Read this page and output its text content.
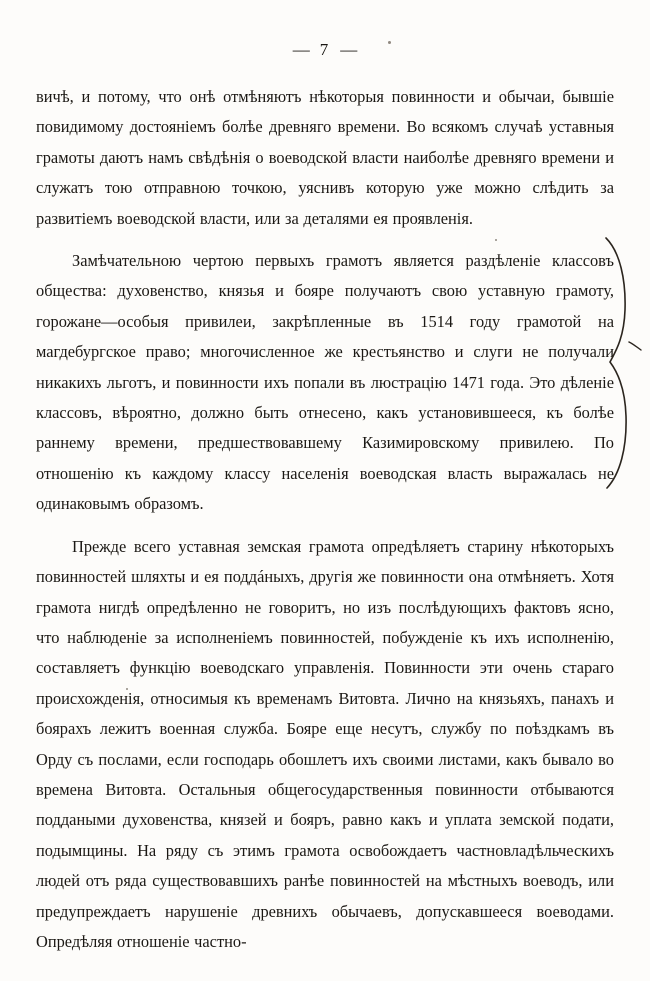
— 7 —

вичѣ, и потому, что онѣ отмѣняютъ нѣкоторыя повинности и обычаи, бывшiе повидимому достоянiемъ болѣе древняго времени. Во всякомъ случаѣ уставныя грамоты даютъ намъ свѣдѣнiя о воеводской власти наиболѣе древняго времени и служатъ тою отправною точкою, уяснивъ которую уже можно слѣдить за развитiемъ воеводской власти, или за деталями ея проявленiя.

Замѣчательною чертою первыхъ грамотъ является раздѣленiе классовъ общества: духовенство, князья и бояре получаютъ свою уставную грамоту, горожане—особыя привилеи, закрѣпленные въ 1514 году грамотой на магдебургское право; многочисленное же крестьянство и слуги не получали никакихъ льготъ, и повинности ихъ попали въ люстрацiю 1471 года. Это дѣленiе классовъ, вѣроятно, должно быть отнесено, какъ установившееся, къ болѣе раннему времени, предшествовавшему Казимировскому привилею. По отношенiю къ каждому классу населенiя воеводская власть выражалась не одинаковымъ образомъ.

Прежде всего уставная земская грамота опредѣляетъ старину нѣкоторыхъ повинностей шляхты и ея поддáныхъ, другiя же повинности она отмѣняетъ. Хотя грамота нигдѣ опредѣленно не говоритъ, но изъ послѣдующихъ фактовъ ясно, что наблюденiе за исполненiемъ повинностей, побужденiе къ ихъ исполненiю, составляетъ функцiю воеводскаго управленiя. Повинности эти очень стараго происхожденiя, относимыя къ временамъ Витовта. Лично на князьяхъ, панахъ и боярахъ лежитъ военная служба. Бояре еще несутъ, службу по поѣздкамъ въ Орду съ послами, если господарь обошлетъ ихъ своими листами, какъ бывало во времена Витовта. Остальныя общегосударственныя повинности отбываются поддаными духовенства, князей и бояръ, равно какъ и уплата земской подати, подымщины. На ряду съ этимъ грамота освобождаетъ частновладѣльческихъ людей отъ ряда существовавшихъ ранѣе повинностей на мѣстныхъ воеводъ, или предупреждаетъ нарушенiе древнихъ обычаевъ, допускавшееся воеводами. Опредѣляя отношенiе частно-
